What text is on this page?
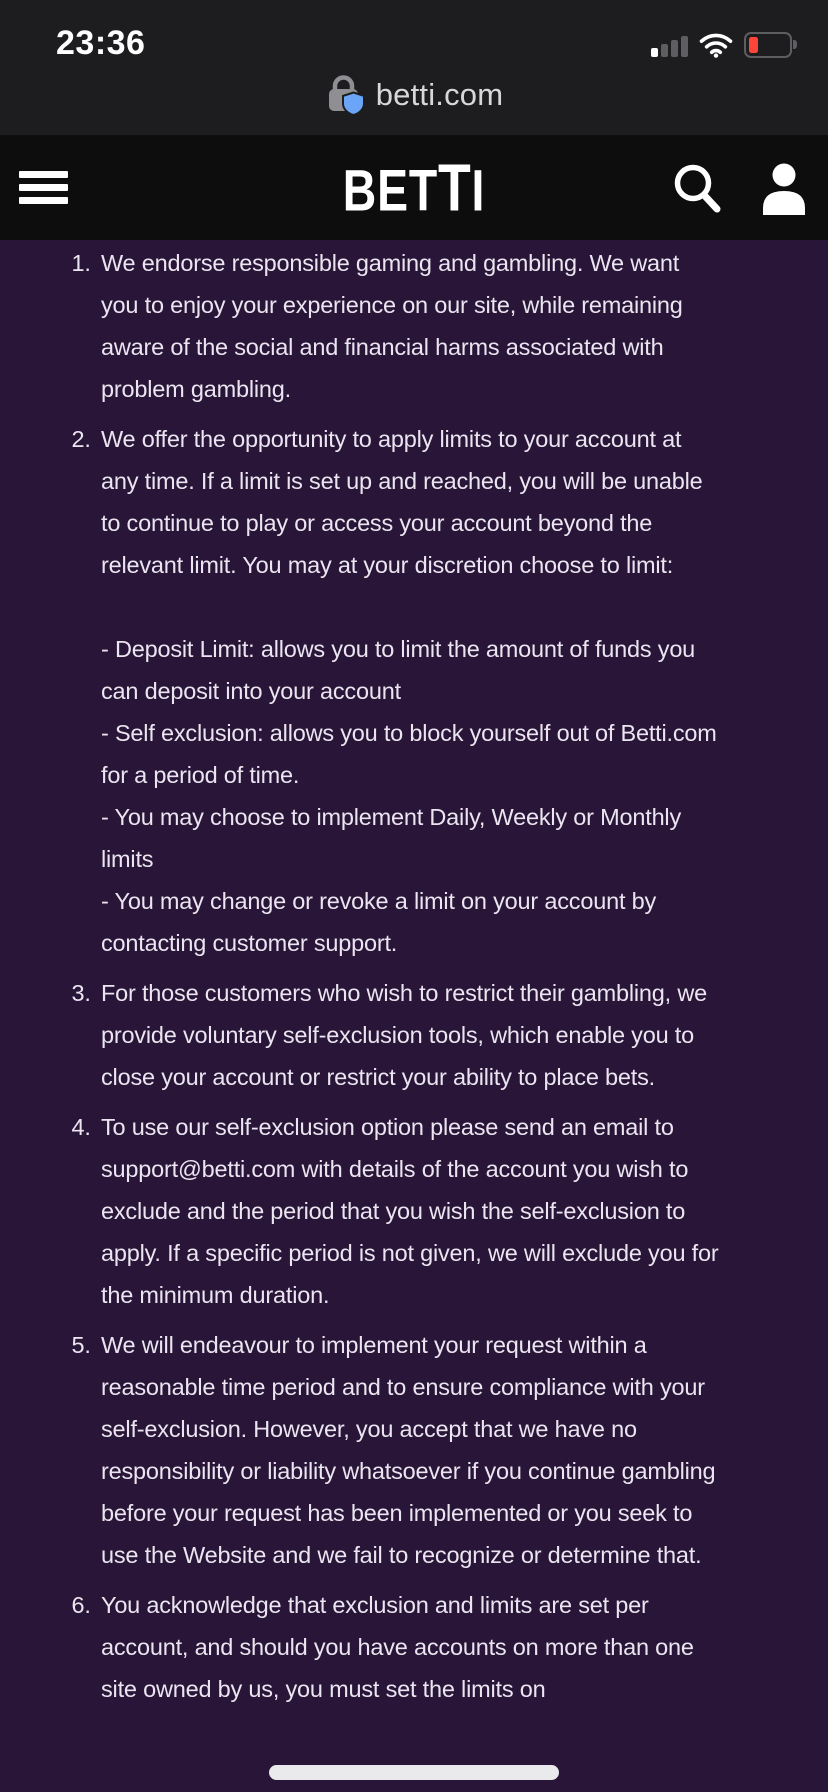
23:36
betti.com
BETTI
1. We endorse responsible gaming and gambling. We want you to enjoy your experience on our site, while remaining aware of the social and financial harms associated with problem gambling.
2. We offer the opportunity to apply limits to your account at any time. If a limit is set up and reached, you will be unable to continue to play or access your account beyond the relevant limit. You may at your discretion choose to limit:
- Deposit Limit: allows you to limit the amount of funds you can deposit into your account
- Self exclusion: allows you to block yourself out of Betti.com for a period of time.
- You may choose to implement Daily, Weekly or Monthly limits
- You may change or revoke a limit on your account by contacting customer support.
3. For those customers who wish to restrict their gambling, we provide voluntary self-exclusion tools, which enable you to close your account or restrict your ability to place bets.
4. To use our self-exclusion option please send an email to support@betti.com with details of the account you wish to exclude and the period that you wish the self-exclusion to apply. If a specific period is not given, we will exclude you for the minimum duration.
5. We will endeavour to implement your request within a reasonable time period and to ensure compliance with your self-exclusion. However, you accept that we have no responsibility or liability whatsoever if you continue gambling before your request has been implemented or you seek to use the Website and we fail to recognize or determine that.
6. You acknowledge that exclusion and limits are set per account, and should you have accounts on more than one site owned by us, you must set the limits on
